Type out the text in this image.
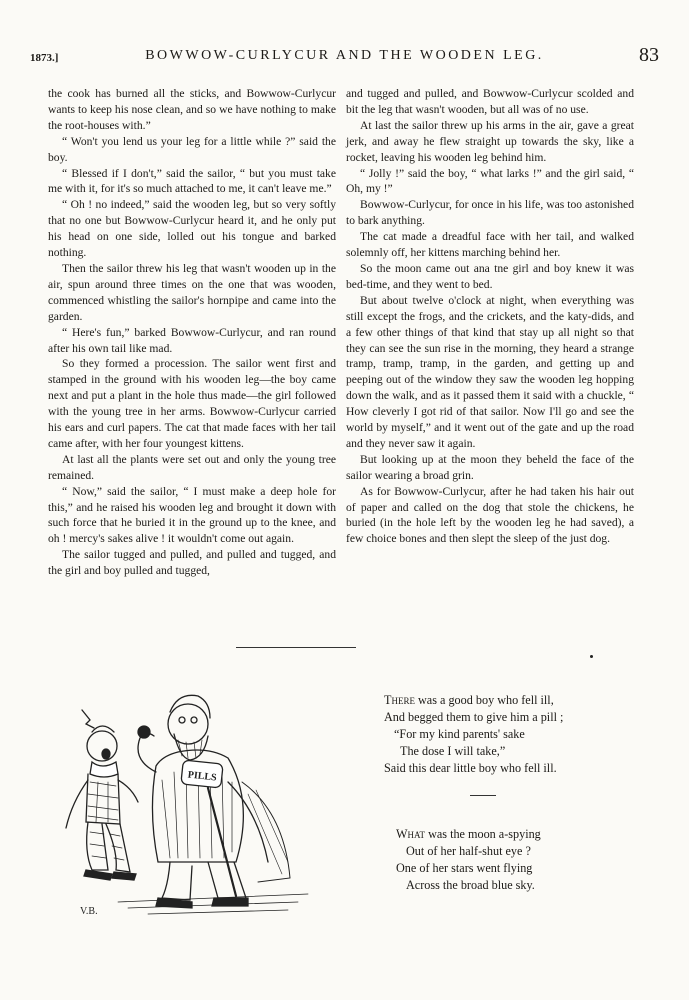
1873.]	BOWWOW-CURLYCUR AND THE WOODEN LEG.	83

the cook has burned all the sticks, and Bowwow-Curlycur wants to keep his nose clean, and so we have nothing to make the root-houses with.”

“ Won't you lend us your leg for a little while ?” said the boy.

“ Blessed if I don't,” said the sailor, “ but you must take me with it, for it's so much attached to me, it can't leave me.”

“ Oh ! no indeed,” said the wooden leg, but so very softly that no one but Bowwow-Curlycur heard it, and he only put his head on one side, lolled out his tongue and barked nothing.

Then the sailor threw his leg that wasn't wooden up in the air, spun around three times on the one that was wooden, commenced whistling the sailor's hornpipe and came into the garden.

“ Here's fun,” barked Bowwow-Curlycur, and ran round after his own tail like mad.

So they formed a procession. The sailor went first and stamped in the ground with his wooden leg—the boy came next and put a plant in the hole thus made—the girl followed with the young tree in her arms. Bowwow-Curlycur carried his ears and curl papers. The cat that made faces with her tail came after, with her four youngest kittens.

At last all the plants were set out and only the young tree remained.

“ Now,” said the sailor, “ I must make a deep hole for this,” and he raised his wooden leg and brought it down with such force that he buried it in the ground up to the knee, and oh ! mercy's sakes alive ! it wouldn't come out again.

The sailor tugged and pulled, and pulled and tugged, and the girl and boy pulled and tugged,

and tugged and pulled, and Bowwow-Curlycur scolded and bit the leg that wasn't wooden, but all was of no use.

At last the sailor threw up his arms in the air, gave a great jerk, and away he flew straight up towards the sky, like a rocket, leaving his wooden leg behind him.

“ Jolly !” said the boy, “ what larks !” and the girl said, “ Oh, my !”

Bowwow-Curlycur, for once in his life, was too astonished to bark anything.

The cat made a dreadful face with her tail, and walked solemnly off, her kittens marching behind her.

So the moon came out ana tne girl and boy knew it was bed-time, and they went to bed.

But about twelve o'clock at night, when everything was still except the frogs, and the crickets, and the katy-dids, and a few other things of that kind that stay up all night so that they can see the sun rise in the morning, they heard a strange tramp, tramp, tramp, in the garden, and getting up and peeping out of the window they saw the wooden leg hopping down the walk, and as it passed them it said with a chuckle, “ How cleverly I got rid of that sailor. Now I'll go and see the world by myself,” and it went out of the gate and up the road and they never saw it again.

But looking up at the moon they beheld the face of the sailor wearing a broad grin.

As for Bowwow-Curlycur, after he had taken his hair out of paper and called on the dog that stole the chickens, he buried (in the hole left by the wooden leg he had saved), a few choice bones and then slept the sleep of the just dog.

PILLS
V.B.
There was a good boy who fell ill,
And begged them to give him a pill ;
“For my kind parents' sake
The dose I will take,”
Said this dear little boy who fell ill.
What was the moon a-spying
Out of her half-shut eye ?
One of her stars went flying
Across the broad blue sky.
